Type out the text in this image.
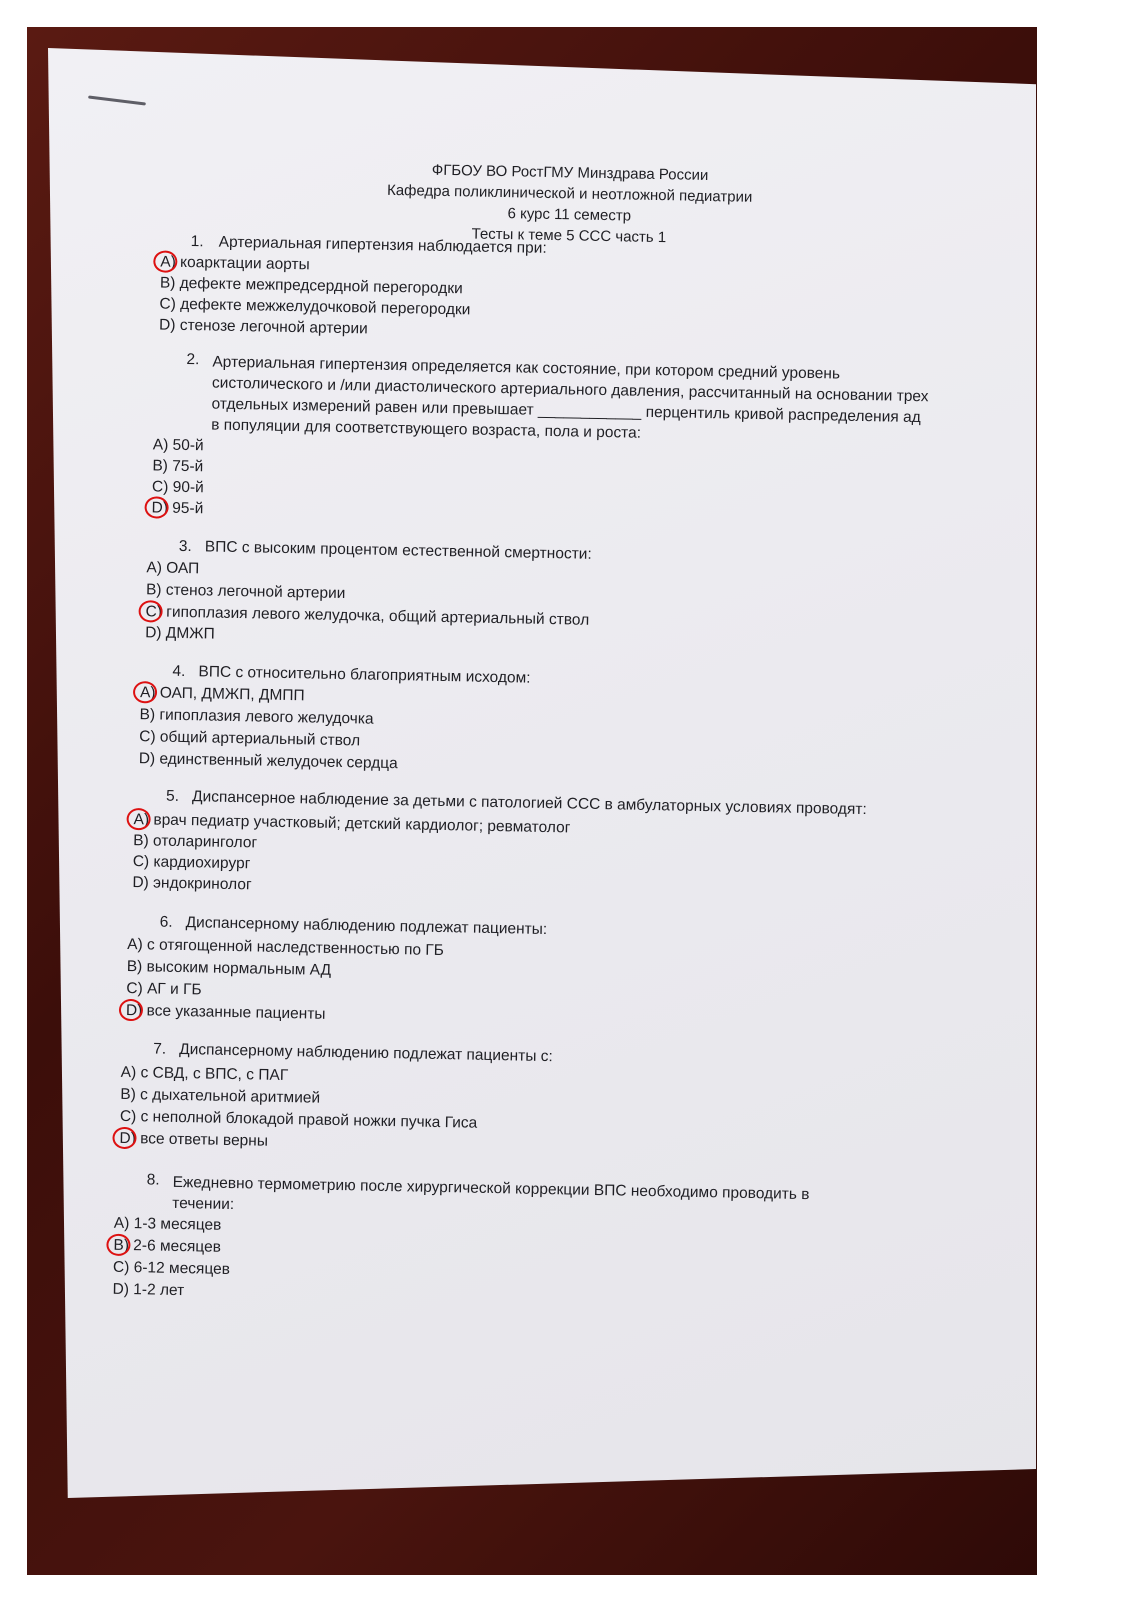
ФГБОУ ВО РостГМУ Минздрава России
Кафедра поликлинической и неотложной педиатрии
6 курс 11 семестр
Тесты к теме 5 ССС часть 1
1. Артериальная гипертензия наблюдается при:
A) коарктации аорты
B) дефекте межпредсердной перегородки
C) дефекте межжелудочковой перегородки
D) стенозе легочной артерии
2. Артериальная гипертензия определяется как состояние, при котором средний уровень систолического и /или диастолического артериального давления, рассчитанный на основании трех отдельных измерений равен или превышает ____________ перцентиль кривой распределения ад в популяции для соответствующего возраста, пола и роста:
A) 50-й
B) 75-й
C) 90-й
D) 95-й
3. ВПС с высоким процентом естественной смертности:
A) ОАП
B) стеноз легочной артерии
C) гипоплазия левого желудочка, общий артериальный ствол
D) ДМЖП
4. ВПС с относительно благоприятным исходом:
A) ОАП, ДМЖП, ДМПП
B) гипоплазия левого желудочка
C) общий артериальный ствол
D) единственный желудочек сердца
5. Диспансерное наблюдение за детьми с патологией ССС в амбулаторных условиях проводят:
A) врач педиатр участковый; детский кардиолог; ревматолог
B) отоларинголог
C) кардиохирург
D) эндокринолог
6. Диспансерному наблюдению подлежат пациенты:
A) с отягощенной наследственностью по ГБ
B) высоким нормальным АД
C) АГ и ГБ
D) все указанные пациенты
7. Диспансерному наблюдению подлежат пациенты с:
A) с СВД, с ВПС, с ПАГ
B) с дыхательной аритмией
C) с неполной блокадой правой ножки пучка Гиса
D) все ответы верны
8. Ежедневно термометрию после хирургической коррекции ВПС необходимо проводить в течении:
A) 1-3 месяцев
B) 2-6 месяцев
C) 6-12 месяцев
D) 1-2 лет
